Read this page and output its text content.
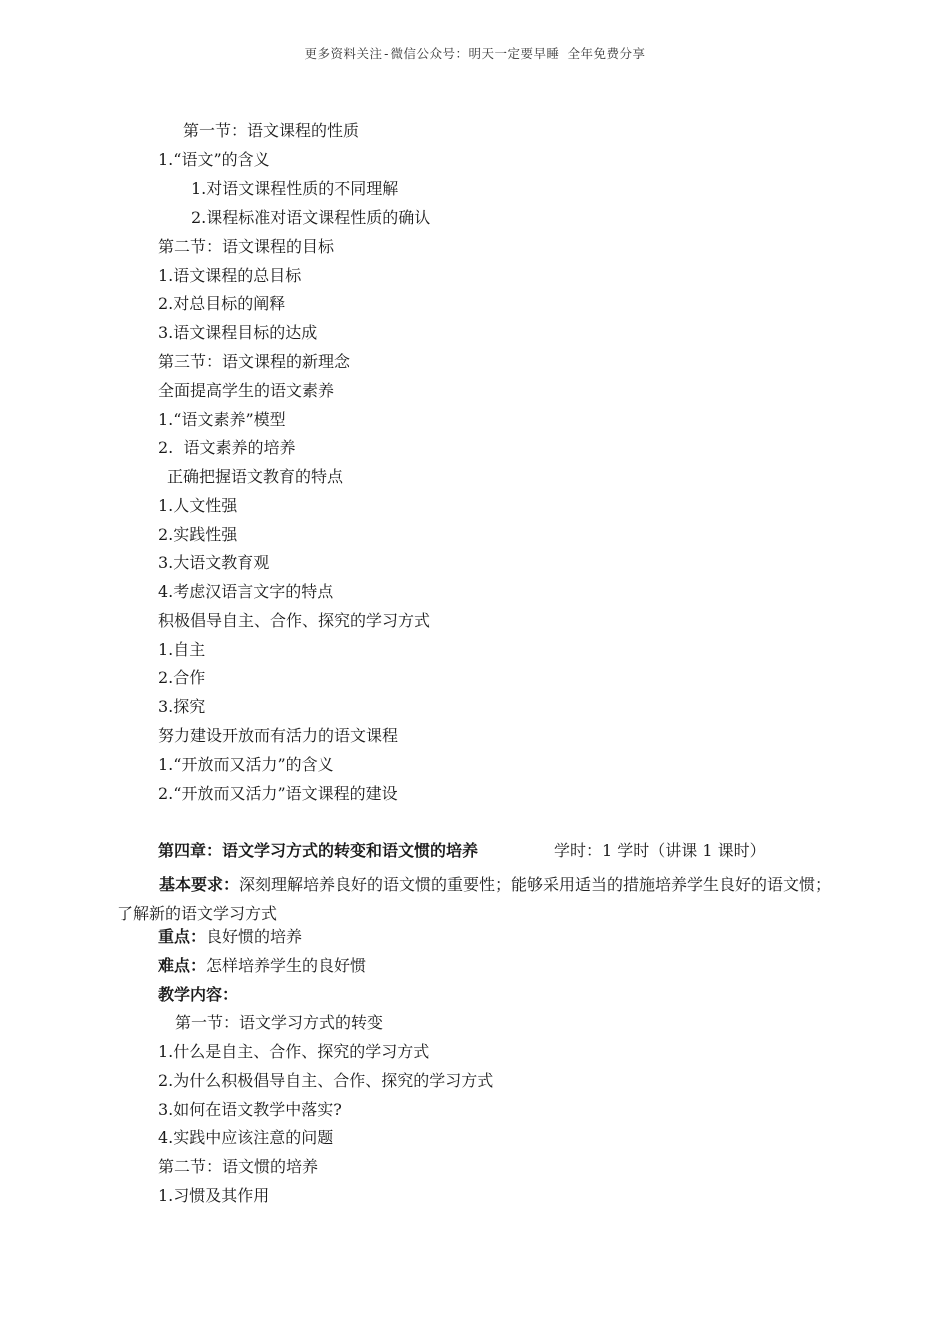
更多资料关注-微信公众号：明天一定要早睡 全年免费分享
第一节：语文课程的性质
1.“语文”的含义
1.对语文课程性质的不同理解
2.课程标准对语文课程性质的确认
第二节：语文课程的目标
1.语文课程的总目标
2.对总目标的阐释
3.语文课程目标的达成
第三节：语文课程的新理念
全面提高学生的语文素养
1.“语文素养”模型
2.  语文素养的培养
正确把握语文教育的特点
1.人文性强
2.实践性强
3.大语文教育观
4.考虑汉语言文字的特点
积极倡导自主、合作、探究的学习方式
1.自主
2.合作
3.探究
努力建设开放而有活力的语文课程
1.“开放而又活力”的含义
2.“开放而又活力”语文课程的建设
第四章：语文学习方式的转变和语文惯的培养	学时：1 学时（讲课 1 课时）
基本要求：深刻理解培养良好的语文惯的重要性；能够采用适当的措施培养学生良好的语文惯；了解新的语文学习方式
重点：良好惯的培养
难点：怎样培养学生的良好惯
教学内容：
第一节：语文学习方式的转变
1.什么是自主、合作、探究的学习方式
2.为什么积极倡导自主、合作、探究的学习方式
3.如何在语文教学中落实?
4.实践中应该注意的问题
第二节：语文惯的培养
1.习惯及其作用
